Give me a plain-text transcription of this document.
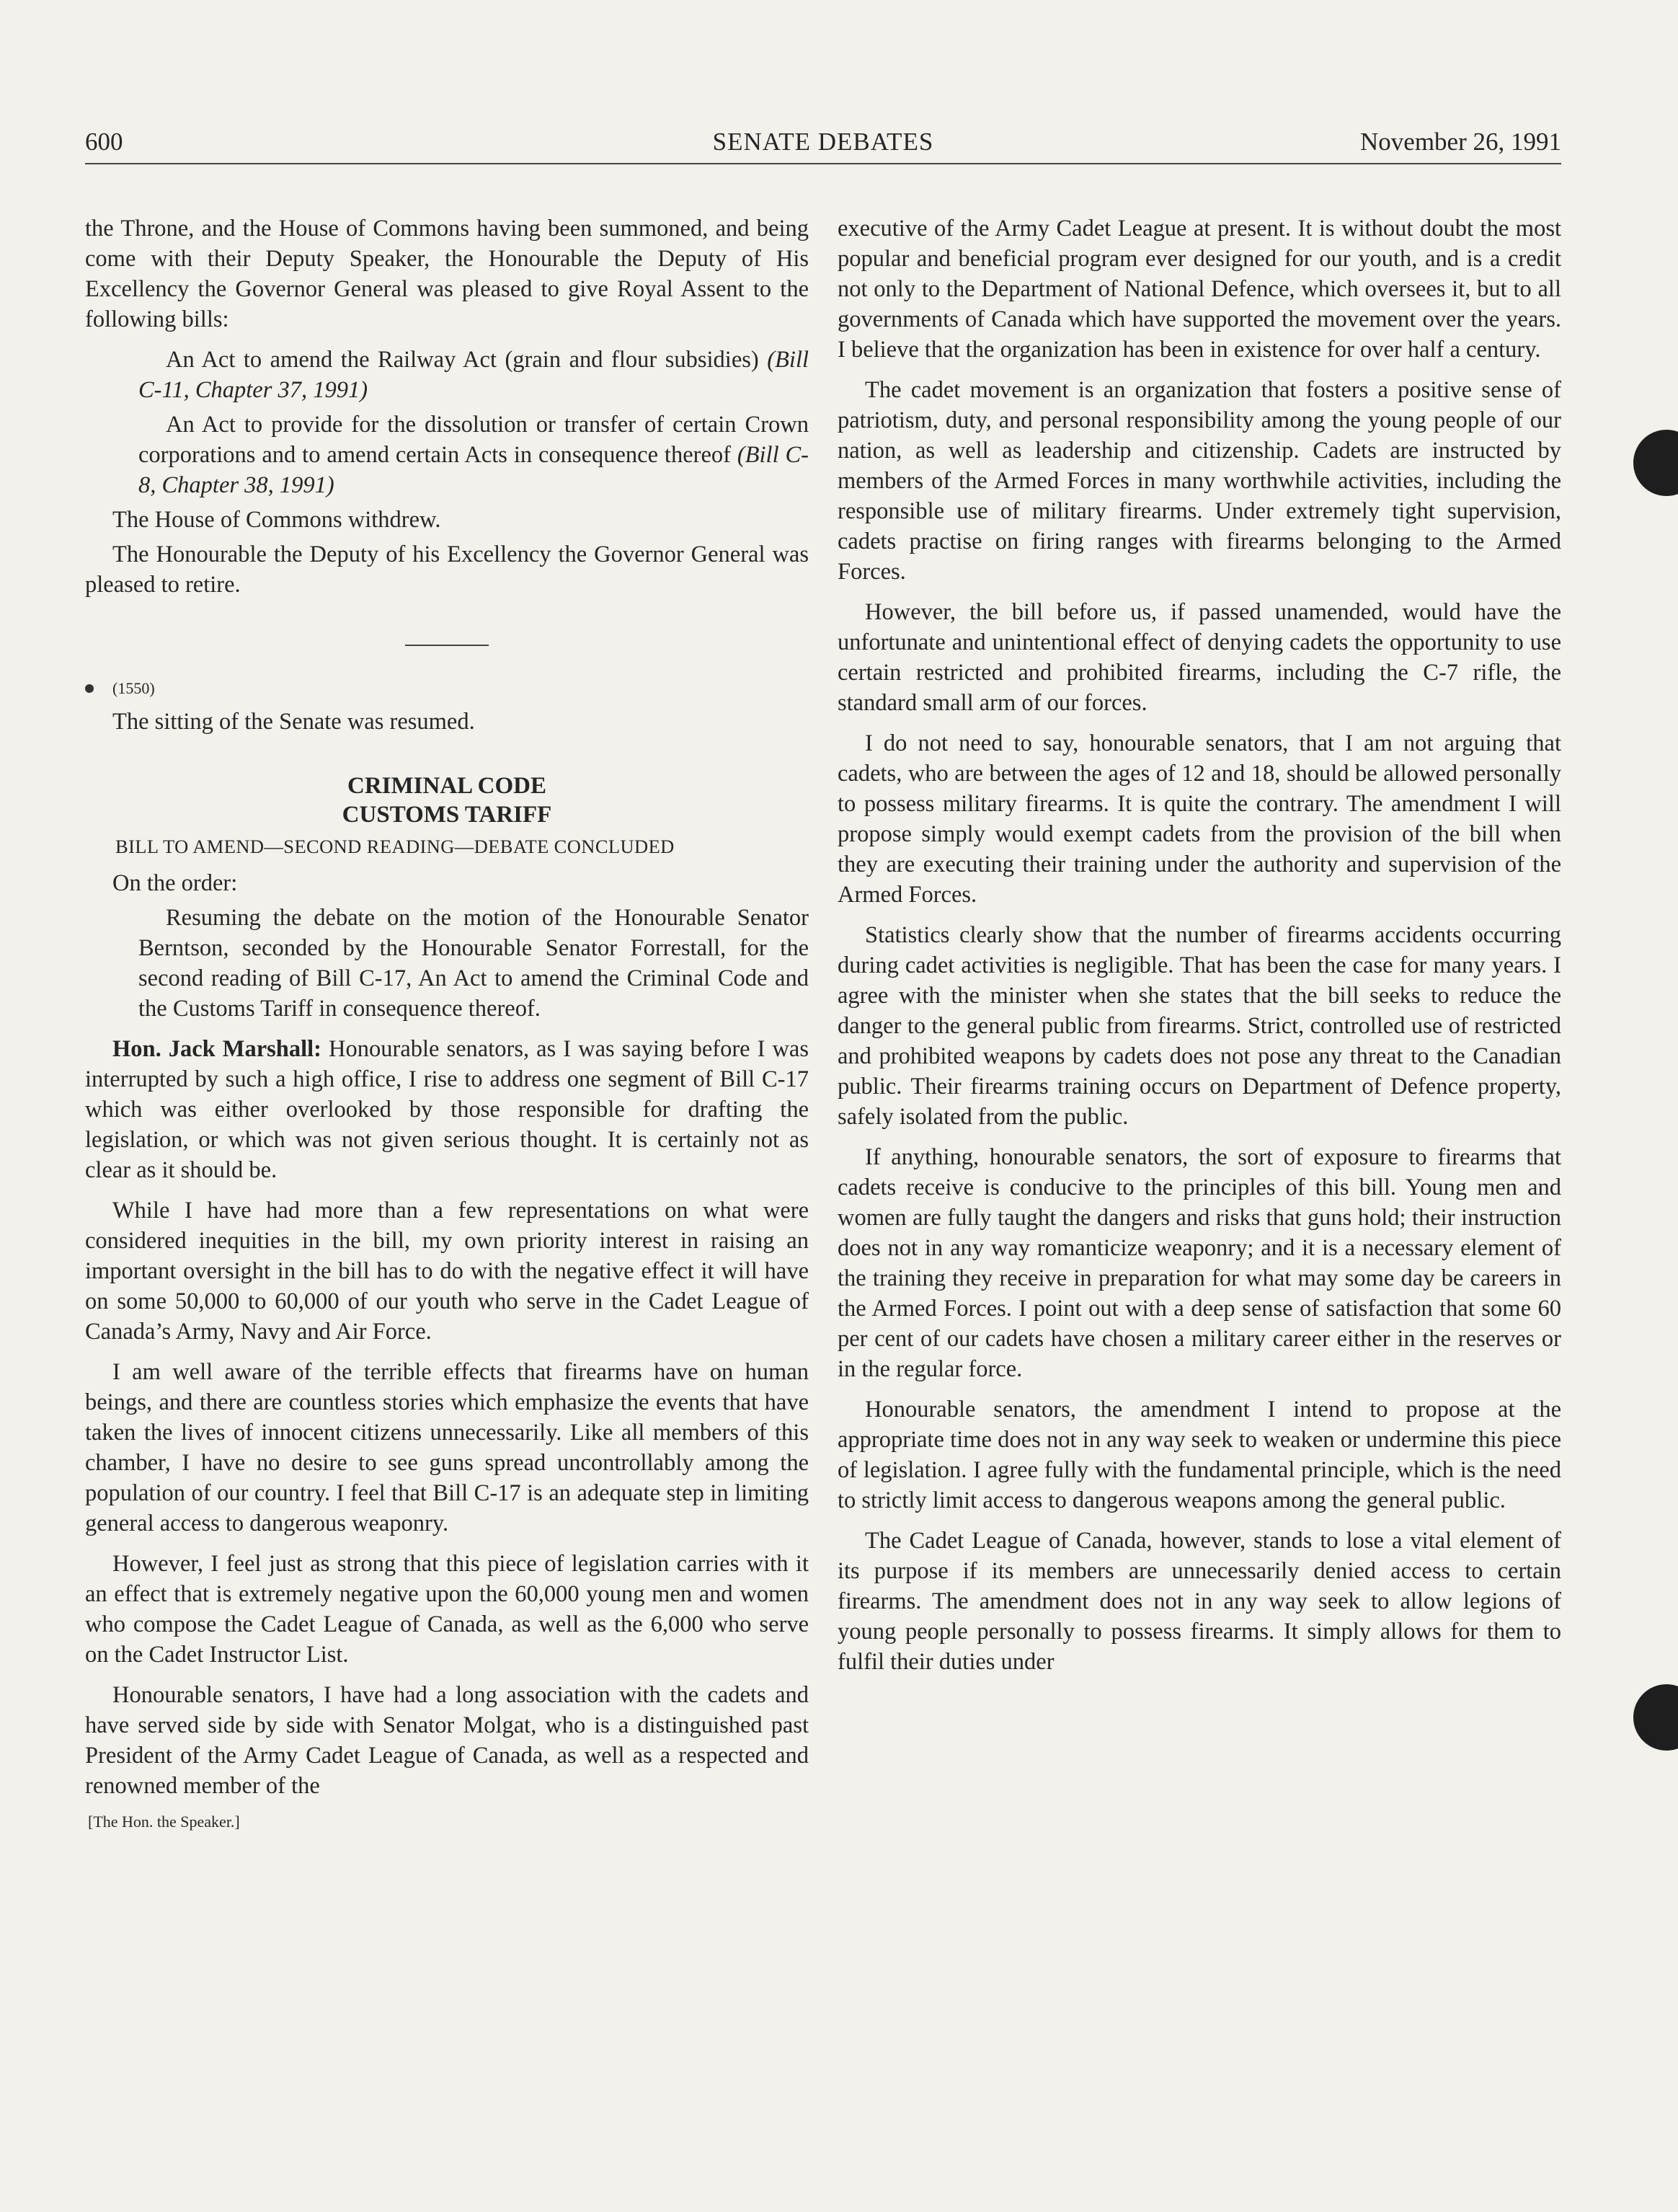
600	SENATE DEBATES	November 26, 1991

the Throne, and the House of Commons having been summoned, and being come with their Deputy Speaker, the Honourable the Deputy of His Excellency the Governor General was pleased to give Royal Assent to the following bills:

An Act to amend the Railway Act (grain and flour subsidies) (Bill C-11, Chapter 37, 1991)

An Act to provide for the dissolution or transfer of certain Crown corporations and to amend certain Acts in consequence thereof (Bill C-8, Chapter 38, 1991)

The House of Commons withdrew.

The Honourable the Deputy of his Excellency the Governor General was pleased to retire.

(1550)

The sitting of the Senate was resumed.

CRIMINAL CODE
CUSTOMS TARIFF
BILL TO AMEND—SECOND READING—DEBATE CONCLUDED

On the order:

Resuming the debate on the motion of the Honourable Senator Berntson, seconded by the Honourable Senator Forrestall, for the second reading of Bill C-17, An Act to amend the Criminal Code and the Customs Tariff in consequence thereof.

Hon. Jack Marshall: Honourable senators, as I was saying before I was interrupted by such a high office, I rise to address one segment of Bill C-17 which was either overlooked by those responsible for drafting the legislation, or which was not given serious thought. It is certainly not as clear as it should be.

While I have had more than a few representations on what were considered inequities in the bill, my own priority interest in raising an important oversight in the bill has to do with the negative effect it will have on some 50,000 to 60,000 of our youth who serve in the Cadet League of Canada’s Army, Navy and Air Force.

I am well aware of the terrible effects that firearms have on human beings, and there are countless stories which emphasize the events that have taken the lives of innocent citizens unnecessarily. Like all members of this chamber, I have no desire to see guns spread uncontrollably among the population of our country. I feel that Bill C-17 is an adequate step in limiting general access to dangerous weaponry.

However, I feel just as strong that this piece of legislation carries with it an effect that is extremely negative upon the 60,000 young men and women who compose the Cadet League of Canada, as well as the 6,000 who serve on the Cadet Instructor List.

Honourable senators, I have had a long association with the cadets and have served side by side with Senator Molgat, who is a distinguished past President of the Army Cadet League of Canada, as well as a respected and renowned member of the

[The Hon. the Speaker.]

executive of the Army Cadet League at present. It is without doubt the most popular and beneficial program ever designed for our youth, and is a credit not only to the Department of National Defence, which oversees it, but to all governments of Canada which have supported the movement over the years. I believe that the organization has been in existence for over half a century.

The cadet movement is an organization that fosters a positive sense of patriotism, duty, and personal responsibility among the young people of our nation, as well as leadership and citizenship. Cadets are instructed by members of the Armed Forces in many worthwhile activities, including the responsible use of military firearms. Under extremely tight supervision, cadets practise on firing ranges with firearms belonging to the Armed Forces.

However, the bill before us, if passed unamended, would have the unfortunate and unintentional effect of denying cadets the opportunity to use certain restricted and prohibited firearms, including the C-7 rifle, the standard small arm of our forces.

I do not need to say, honourable senators, that I am not arguing that cadets, who are between the ages of 12 and 18, should be allowed personally to possess military firearms. It is quite the contrary. The amendment I will propose simply would exempt cadets from the provision of the bill when they are executing their training under the authority and supervision of the Armed Forces.

Statistics clearly show that the number of firearms accidents occurring during cadet activities is negligible. That has been the case for many years. I agree with the minister when she states that the bill seeks to reduce the danger to the general public from firearms. Strict, controlled use of restricted and prohibited weapons by cadets does not pose any threat to the Canadian public. Their firearms training occurs on Department of Defence property, safely isolated from the public.

If anything, honourable senators, the sort of exposure to firearms that cadets receive is conducive to the principles of this bill. Young men and women are fully taught the dangers and risks that guns hold; their instruction does not in any way romanticize weaponry; and it is a necessary element of the training they receive in preparation for what may some day be careers in the Armed Forces. I point out with a deep sense of satisfaction that some 60 per cent of our cadets have chosen a military career either in the reserves or in the regular force.

Honourable senators, the amendment I intend to propose at the appropriate time does not in any way seek to weaken or undermine this piece of legislation. I agree fully with the fundamental principle, which is the need to strictly limit access to dangerous weapons among the general public.

The Cadet League of Canada, however, stands to lose a vital element of its purpose if its members are unnecessarily denied access to certain firearms. The amendment does not in any way seek to allow legions of young people personally to possess firearms. It simply allows for them to fulfil their duties under
